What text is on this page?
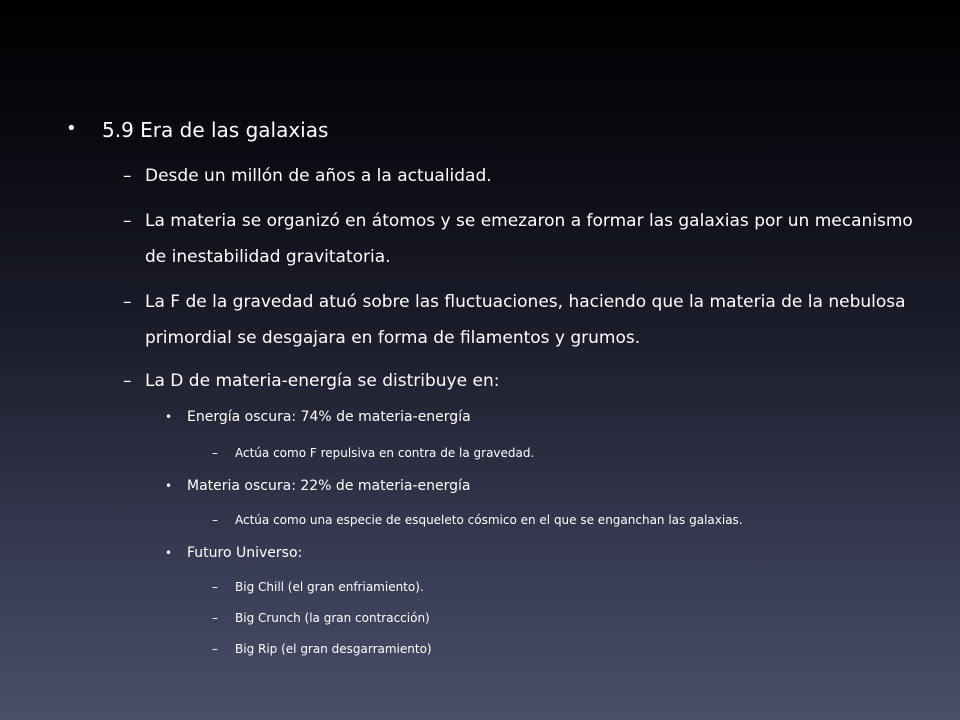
•	5.9 Era de las galaxias
– Desde un millón de años a la actualidad.
– La materia se organizó en átomos y se emezaron a formar las galaxias por un mecanismo de inestabilidad gravitatoria.
– La F de la gravedad atuó sobre las fluctuaciones, haciendo que la materia de la nebulosa primordial se desgajara en forma de filamentos y grumos.
– La D de materia-energía se distribuye en:
•	Energía oscura: 74% de materia-energía
–	Actúa como F repulsiva en contra de la gravedad.
•	Materia oscura: 22% de materia-energía
–	Actúa como una especie de esqueleto cósmico en el que se enganchan las galaxias.
•	Futuro Universo:
–	Big Chill (el gran enfriamiento).
–	Big Crunch (la gran contracción)
–	Big Rip (el gran desgarramiento)
